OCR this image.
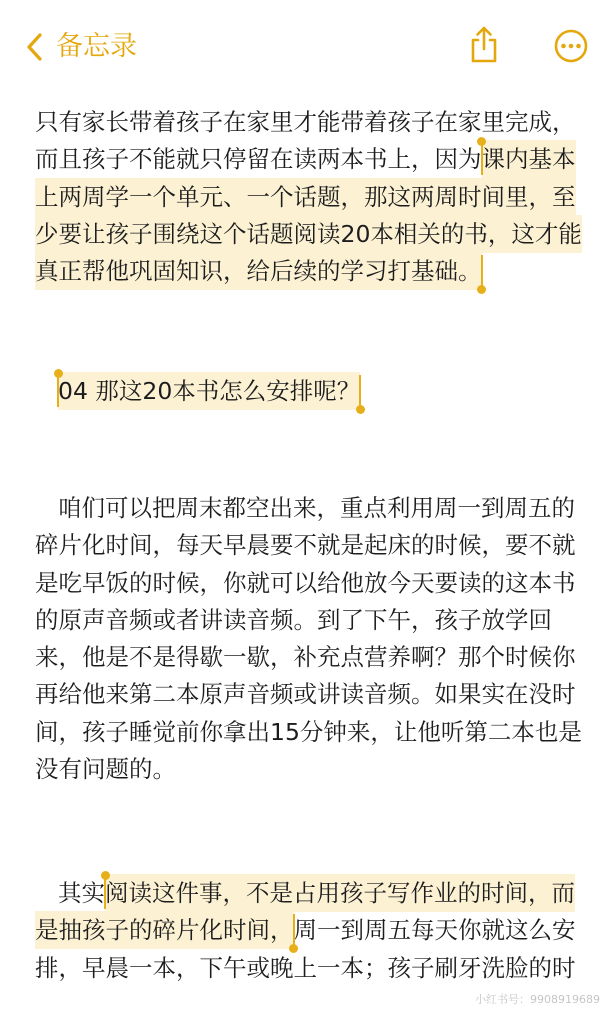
备忘录
只有家长带着孩子在家里才能带着孩子在家里完成，
而且孩子不能就只停留在读两本书上，因为课内基本
上两周学一个单元、一个话题，那这两周时间里，至
少要让孩子围绕这个话题阅读20本相关的书，这才能
真正帮他巩固知识，给后续的学习打基础。
04 那这20本书怎么安排呢？
咱们可以把周末都空出来，重点利用周一到周五的
碎片化时间，每天早晨要不就是起床的时候，要不就
是吃早饭的时候，你就可以给他放今天要读的这本书
的原声音频或者讲读音频。到了下午，孩子放学回
来，他是不是得歇一歇，补充点营养啊？那个时候你
再给他来第二本原声音频或讲读音频。如果实在没时
间，孩子睡觉前你拿出15分钟来，让他听第二本也是
没有问题的。
其实阅读这件事，不是占用孩子写作业的时间，而
是抽孩子的碎片化时间，周一到周五每天你就这么安
排，早晨一本，下午或晚上一本；孩子刷牙洗脸的时
小红书号：9908919689
